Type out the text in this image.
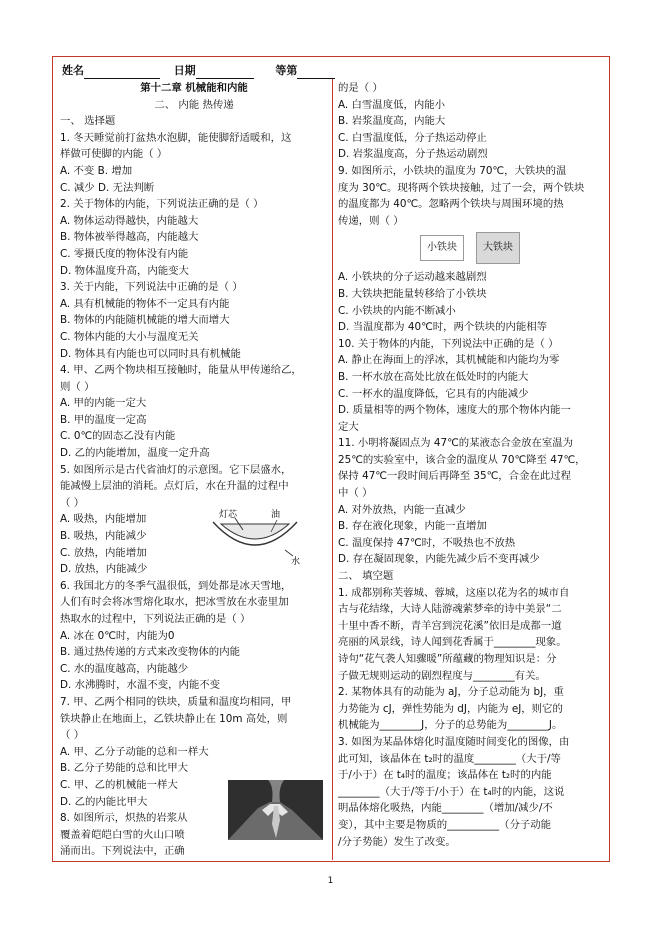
姓名	日期	等第
第十二章 机械能和内能
二、 内能 热传递
一、 选择题
1. 冬天睡觉前打盆热水泡脚，能使脚舒适暖和，这
样做可使脚的内能（ ）
A. 不变 B. 增加
C. 减少 D. 无法判断
2. 关于物体的内能，下列说法正确的是（ ）
A. 物体运动得越快，内能越大
B. 物体被举得越高，内能越大
C. 零摄氏度的物体没有内能
D. 物体温度升高，内能变大
3. 关于内能，下列说法中正确的是（ ）
A. 具有机械能的物体不一定具有内能
B. 物体的内能随机械能的增大而增大
C. 物体内能的大小与温度无关
D. 物体具有内能也可以同时具有机械能
4. 甲、乙两个物块相互接触时，能量从甲传递给乙，
则（ ）
A. 甲的内能一定大
B. 甲的温度一定高
C. 0℃的固态乙没有内能
D. 乙的内能增加，温度一定升高
5. 如图所示是古代省油灯的示意图。它下层盛水，
能减慢上层油的消耗。点灯后，水在升温的过程中
（ ）
A. 吸热，内能增加
B. 吸热，内能减少
C. 放热，内能增加
D. 放热，内能减少
6. 我国北方的冬季气温很低，到处都是冰天雪地，
人们有时会将冰雪熔化取水，把冰雪放在水壶里加
热取水的过程中，下列说法正确的是（ ）
A. 冰在 0℃时，内能为0
B. 通过热传递的方式来改变物体的内能
C. 水的温度越高，内能越少
D. 水沸腾时，水温不变，内能不变
7. 甲、乙两个相同的铁块，质量和温度均相同，甲
铁块静止在地面上，乙铁块静止在 10m 高处，则
（ ）
A. 甲、乙分子动能的总和一样大
B. 乙分子势能的总和比甲大
C. 甲、乙的机械能一样大
D. 乙的内能比甲大
8. 如图所示，炽热的岩浆从
覆盖着皑皑白雪的火山口喷
涌而出。下列说法中，正确
的是（ ）
A. 白雪温度低，内能小
B. 岩浆温度高，内能大
C. 白雪温度低，分子热运动停止
D. 岩浆温度高，分子热运动剧烈
9. 如图所示，小铁块的温度为 70℃，大铁块的温
度为 30℃。现将两个铁块接触，过了一会，两个铁块
的温度都为 40℃。忽略两个铁块与周围环境的热
传递，则（ ）
A. 小铁块的分子运动越来越剧烈
B. 大铁块把能量转移给了小铁块
C. 小铁块的内能不断减小
D. 当温度都为 40℃时，两个铁块的内能相等
10. 关于物体的内能，下列说法中正确的是（ ）
A. 静止在海面上的浮冰，其机械能和内能均为零
B. 一杯水放在高处比放在低处时的内能大
C. 一杯水的温度降低，它具有的内能减少
D. 质量相等的两个物体，速度大的那个物体内能一
定大
11. 小明将凝固点为 47℃的某液态合金放在室温为
25℃的实验室中，该合金的温度从 70℃降至 47℃，
保持 47℃一段时间后再降至 35℃，合金在此过程
中（ ）
A. 对外放热，内能一直减少
B. 存在液化现象，内能一直增加
C. 温度保持 47℃时，不吸热也不放热
D. 存在凝固现象，内能先减少后不变再减少
二、 填空题
1. 成都别称芙蓉城、蓉城，这座以花为名的城市自
古与花结缘，大诗人陆游魂萦梦牵的诗中美景“二
十里中香不断，青羊宫到浣花溪”依旧是成都一道
亮丽的风景线，诗人闻到花香属于________现象。
诗句“花气袭人知骤暖”所蕴藏的物理知识是：分
子做无规则运动的剧烈程度与________有关。
2. 某物体具有的动能为 aJ，分子总动能为 bJ，重
力势能为 cJ，弹性势能为 dJ，内能为 eJ，则它的
机械能为________J，分子的总势能为________J。
3. 如图为某晶体熔化时温度随时间变化的图像，由
此可知，该晶体在 t₂时的温度________（大于/等
于/小于）在 t₄时的温度；该晶体在 t₂时的内能
________（大于/等于/小于）在 t₄时的内能，这说
明晶体熔化吸热，内能________（增加/减少/不
变），其中主要是物质的__________（分子动能
/分子势能）发生了改变。
小铁块	大铁块
灯芯	油
水
1
